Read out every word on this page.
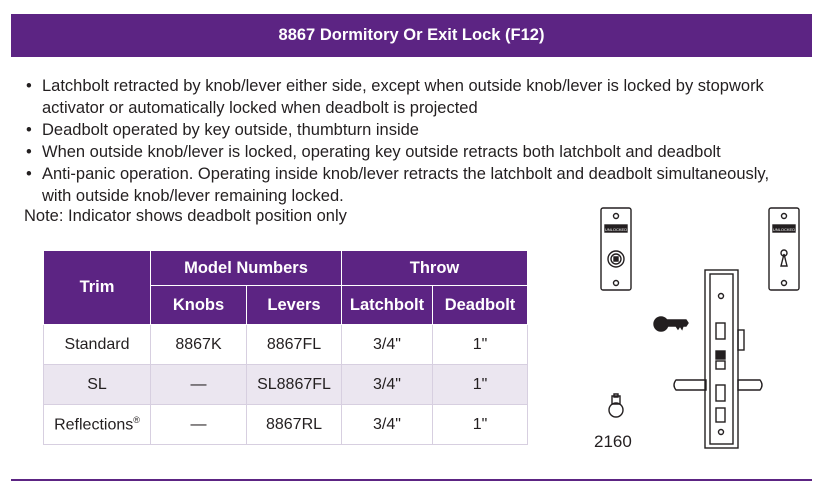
8867 Dormitory Or Exit Lock (F12)
• Latchbolt retracted by knob/lever either side, except when outside knob/lever is locked by stopwork activator or automatically locked when deadbolt is projected
• Deadbolt operated by key outside, thumbturn inside
• When outside knob/lever is locked, operating key outside retracts both latchbolt and deadbolt
• Anti-panic operation. Operating inside knob/lever retracts the latchbolt and deadbolt simultaneously, with outside knob/lever remaining locked.
Note: Indicator shows deadbolt position only
Trim	Model Numbers		Throw	
	Knobs	Levers	Latchbolt	Deadbolt
Standard	8867K	8867FL	3/4"	1"
SL	—	SL8867FL	3/4"	1"
Reflections®	—	8867RL	3/4"	1"
UNLOCKED	UNLOCKED
2160
